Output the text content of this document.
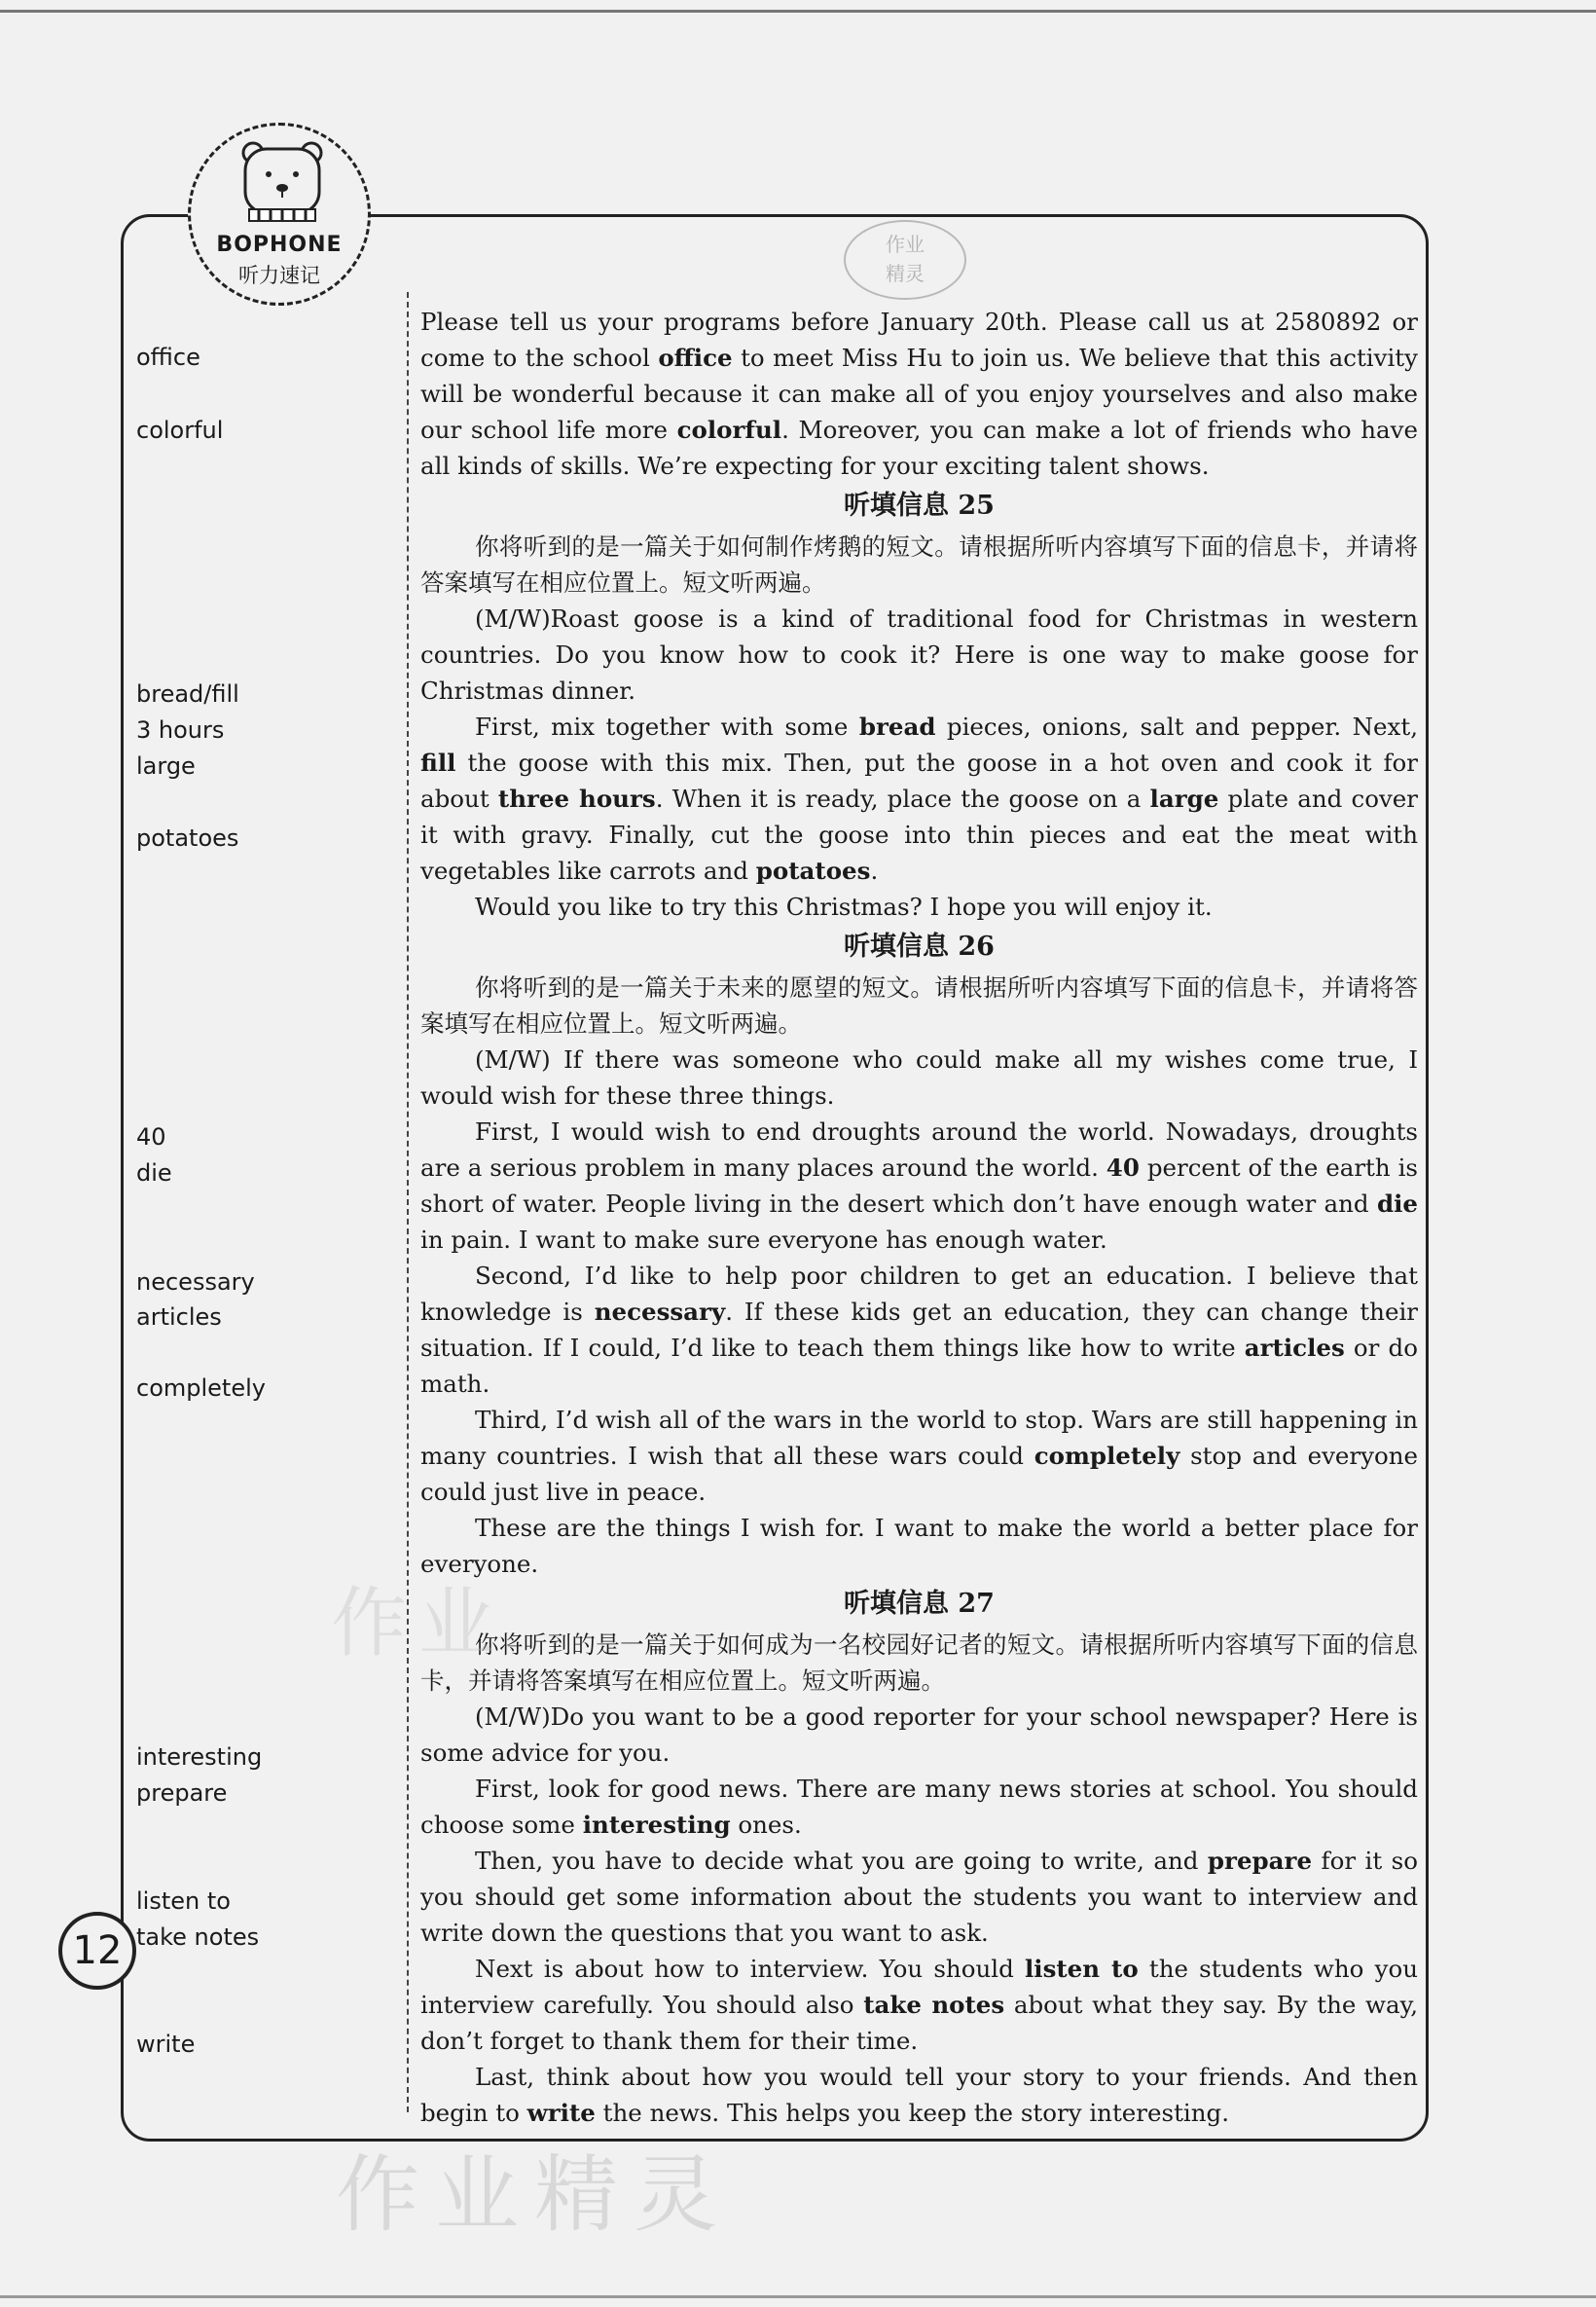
BOPHONE
听力速记
作业
精灵
office
colorful
bread/fill
3 hours
large
potatoes
40
die
necessary
articles
completely
interesting
prepare
listen to
take notes
write

Please tell us your programs before January 20th. Please call us at 2580892 or come to the school office to meet Miss Hu to join us. We believe that this activity will be wonderful because it can make all of you enjoy yourselves and also make our school life more colorful. Moreover, you can make a lot of friends who have all kinds of skills. We’re expecting for your exciting talent shows.

听填信息 25

你将听到的是一篇关于如何制作烤鹅的短文。请根据所听内容填写下面的信息卡，并请将答案填写在相应位置上。短文听两遍。

(M/W)Roast goose is a kind of traditional food for Christmas in western countries. Do you know how to cook it? Here is one way to make goose for Christmas dinner.

First, mix together with some bread pieces, onions, salt and pepper. Next, fill the goose with this mix. Then, put the goose in a hot oven and cook it for about three hours. When it is ready, place the goose on a large plate and cover it with gravy. Finally, cut the goose into thin pieces and eat the meat with vegetables like carrots and potatoes.

Would you like to try this Christmas? I hope you will enjoy it.

听填信息 26

你将听到的是一篇关于未来的愿望的短文。请根据所听内容填写下面的信息卡，并请将答案填写在相应位置上。短文听两遍。

(M/W) If there was someone who could make all my wishes come true, I would wish for these three things.

First, I would wish to end droughts around the world. Nowadays, droughts are a serious problem in many places around the world. 40 percent of the earth is short of water. People living in the desert which don’t have enough water and die in pain. I want to make sure everyone has enough water.

Second, I’d like to help poor children to get an education. I believe that knowledge is necessary. If these kids get an education, they can change their situation. If I could, I’d like to teach them things like how to write articles or do math.

Third, I’d wish all of the wars in the world to stop. Wars are still happening in many countries. I wish that all these wars could completely stop and everyone could just live in peace.

These are the things I wish for. I want to make the world a better place for everyone.

听填信息 27

你将听到的是一篇关于如何成为一名校园好记者的短文。请根据所听内容填写下面的信息卡，并请将答案填写在相应位置上。短文听两遍。

(M/W)Do you want to be a good reporter for your school newspaper? Here is some advice for you.

First, look for good news. There are many news stories at school. You should choose some interesting ones.

Then, you have to decide what you are going to write, and prepare for it so you should get some information about the students you want to interview and write down the questions that you want to ask.

Next is about how to interview. You should listen to the students who you interview carefully. You should also take notes about what they say. By the way, don’t forget to thank them for their time.

Last, think about how you would tell your story to your friends. And then begin to write the news. This helps you keep the story interesting.

12
作业
作业精灵
